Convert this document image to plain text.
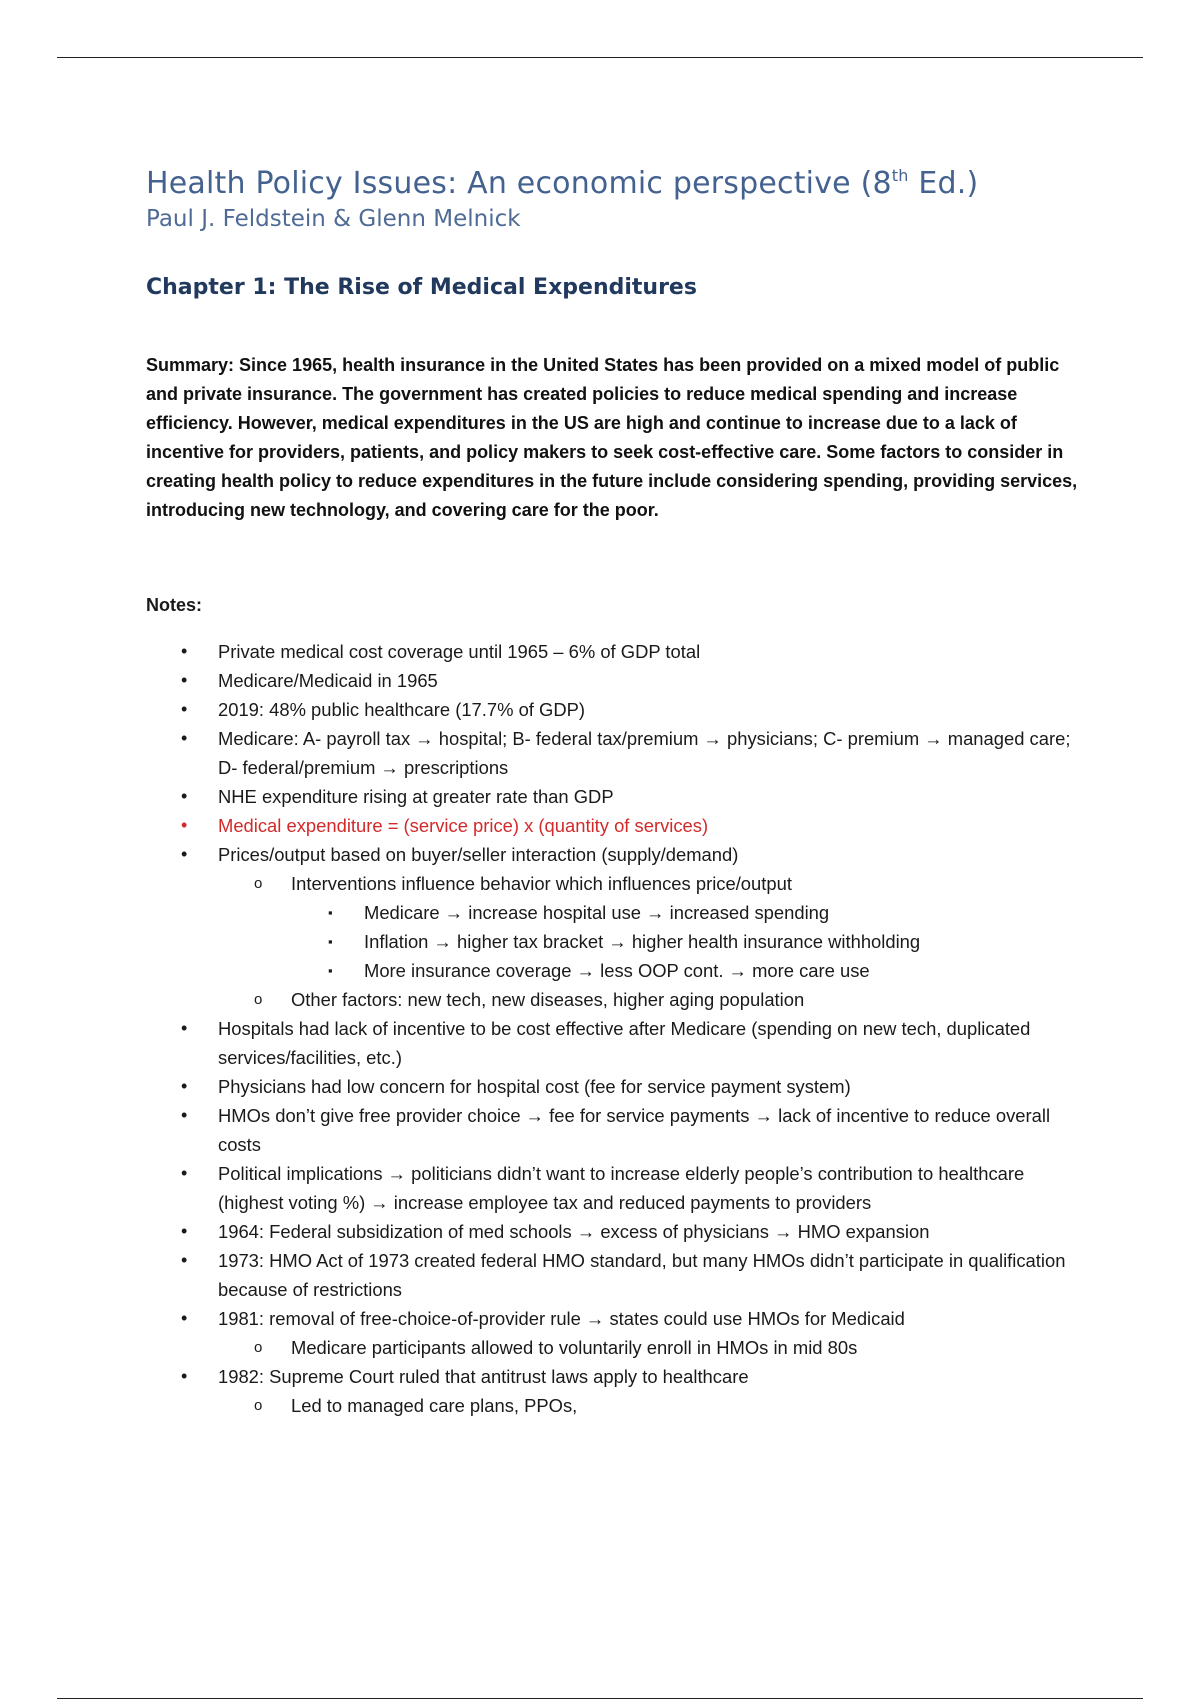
Health Policy Issues: An economic perspective (8th Ed.)

Paul J. Feldstein & Glenn Melnick

Chapter 1: The Rise of Medical Expenditures

Summary: Since 1965, health insurance in the United States has been provided on a mixed model of public and private insurance. The government has created policies to reduce medical spending and increase efficiency. However, medical expenditures in the US are high and continue to increase due to a lack of incentive for providers, patients, and policy makers to seek cost-effective care. Some factors to consider in creating health policy to reduce expenditures in the future include considering spending, providing services, introducing new technology, and covering care for the poor.

Notes:

• Private medical cost coverage until 1965 – 6% of GDP total
• Medicare/Medicaid in 1965
• 2019: 48% public healthcare (17.7% of GDP)
• Medicare: A- payroll tax → hospital; B- federal tax/premium → physicians; C- premium → managed care; D- federal/premium → prescriptions
• NHE expenditure rising at greater rate than GDP
• Medical expenditure = (service price) x (quantity of services)
• Prices/output based on buyer/seller interaction (supply/demand)
o Interventions influence behavior which influences price/output
▪ Medicare → increase hospital use → increased spending
▪ Inflation → higher tax bracket → higher health insurance withholding
▪ More insurance coverage → less OOP cont. → more care use
o Other factors: new tech, new diseases, higher aging population
• Hospitals had lack of incentive to be cost effective after Medicare (spending on new tech, duplicated services/facilities, etc.)
• Physicians had low concern for hospital cost (fee for service payment system)
• HMOs don’t give free provider choice → fee for service payments → lack of incentive to reduce overall costs
• Political implications → politicians didn’t want to increase elderly people’s contribution to healthcare (highest voting %) → increase employee tax and reduced payments to providers
• 1964: Federal subsidization of med schools → excess of physicians → HMO expansion
• 1973: HMO Act of 1973 created federal HMO standard, but many HMOs didn’t participate in qualification because of restrictions
• 1981: removal of free-choice-of-provider rule → states could use HMOs for Medicaid
o Medicare participants allowed to voluntarily enroll in HMOs in mid 80s
• 1982: Supreme Court ruled that antitrust laws apply to healthcare
o Led to managed care plans, PPOs,
